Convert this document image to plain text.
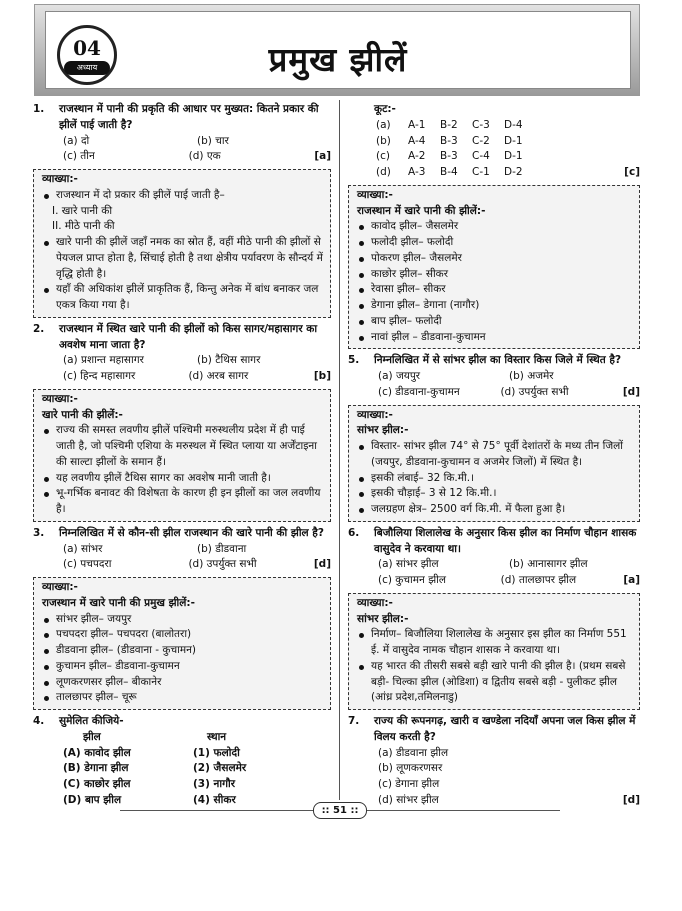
प्रमुख झीलें
04
अध्याय
1.	राजस्थान में पानी की प्रकृति की आधार पर मुख्यत: कितने प्रकार की झीलें पाई जाती है?
(a) दो	(b) चार
(c) तीन	(d) एक	[a]
व्याख्या:-
राजस्थान में दो प्रकार की झीलें पाई जाती है–
I. खारे पानी की
II. मीठे पानी की
खारे पानी की झीलें जहाँ नमक का स्रोत हैं, वहीं मीठे पानी की झीलों से पेयजल प्राप्त होता है, सिंचाई होती है तथा क्षेत्रीय पर्यावरण के सौन्दर्य में वृद्धि होती है।
यहाँ की अधिकांश झीलें प्राकृतिक हैं, किन्तु अनेक में बांध बनाकर जल एकत्र किया गया है।
2.	राजस्थान में स्थित खारे पानी की झीलों को किस सागर/महासागर का अवशेष माना जाता है?
(a) प्रशान्त महासागर	(b) टैथिस सागर
(c) हिन्द महासागर	(d) अरब सागर	[b]
व्याख्या:-
खारे पानी की झीलें:-
राज्य की समस्त लवणीय झीलें पश्चिमी मरुस्थलीय प्रदेश में ही पाई जाती है, जो पश्चिमी एशिया के मरुस्थल में स्थित प्लाया या अर्जेंटाइना की साल्टा झीलों के समान हैं।
यह लवणीय झीलें टैथिस सागर का अवशेष मानी जाती है।
भू-गर्भिक बनावट की विशेषता के कारण ही इन झीलों का जल लवणीय है।
3.	निम्नलिखित में से कौन-सी झील राजस्थान की खारे पानी की झील है?
(a) सांभर	(b) डीडवाना
(c) पचपदरा	(d) उपर्युक्त सभी	[d]
व्याख्या:-
राजस्थान में खारे पानी की प्रमुख झीलें:-
सांभर झील– जयपुर
पचपदरा झील– पचपदरा (बालोतरा)
डीडवाना झील– (डीडवाना - कुचामन)
कुचामन झील– डीडवाना-कुचामन
लूणकरणसर झील– बीकानेर
तालछापर झील– चूरू
4.	सुमेलित कीजिये-
झील	स्थान
(A) कावोद झील	(1) फलोदी
(B) डेगाना झील	(2) जैसलमेर
(C) काछोर झील	(3) नागौर
(D) बाप झील	(4) सीकर
कूट:-
(a)	A-1	B-2	C-3	D-4
(b)	A-4	B-3	C-2	D-1
(c)	A-2	B-3	C-4	D-1
(d)	A-3	B-4	C-1	D-2	[c]
व्याख्या:-
राजस्थान में खारे पानी की झीलें:-
कावोद झील– जैसलमेर
फलोदी झील– फलोदी
पोकरण झील– जैसलमेर
काछोर झील– सीकर
रेवासा झील– सीकर
डेगाना झील– डेगाना (नागौर)
बाप झील– फलोदी
नावां झील – डीडवाना-कुचामन
5.	निम्नलिखित में से सांभर झील का विस्तार किस जिले में स्थित है?
(a) जयपुर	(b) अजमेर
(c) डीडवाना-कुचामन	(d) उपर्युक्त सभी	[d]
व्याख्या:-
सांभर झील:-
विस्तार- सांभर झील 74° से 75° पूर्वी देशांतरों के मध्य तीन जिलों (जयपुर, डीडवाना-कुचामन व अजमेर जिलों) में स्थित है।
इसकी लंबाई– 32 कि.मी.।
इसकी चौड़ाई– 3 से 12 कि.मी.।
जलग्रहण क्षेत्र– 2500 वर्ग कि.मी. में फैला हुआ है।
6.	बिजौलिया शिलालेख के अनुसार किस झील का निर्माण चौहान शासक वासुदेव ने करवाया था।
(a) सांभर झील	(b) आनासागर झील
(c) कुचामन झील	(d) तालछापर झील	[a]
व्याख्या:-
सांभर झील:-
निर्माण– बिजौलिया शिलालेख के अनुसार इस झील का निर्माण 551 ई. में वासुदेव नामक चौहान शासक ने करवाया था।
यह भारत की तीसरी सबसे बड़ी खारे पानी की झील है। (प्रथम सबसे बड़ी- चिल्का झील (ओडिशा) व द्वितीय सबसे बड़ी - पुलीकट झील (आंध्र प्रदेश,तमिलनाडु)
7.	राज्य की रूपनगढ़, खारी व खण्डेला नदियाँ अपना जल किस झील में विलय करती है?
(a) डीडवाना झील
(b) लूणकरणसर
(c) डेगाना झील
(d) सांभर झील	[d]
:: 51 ::
